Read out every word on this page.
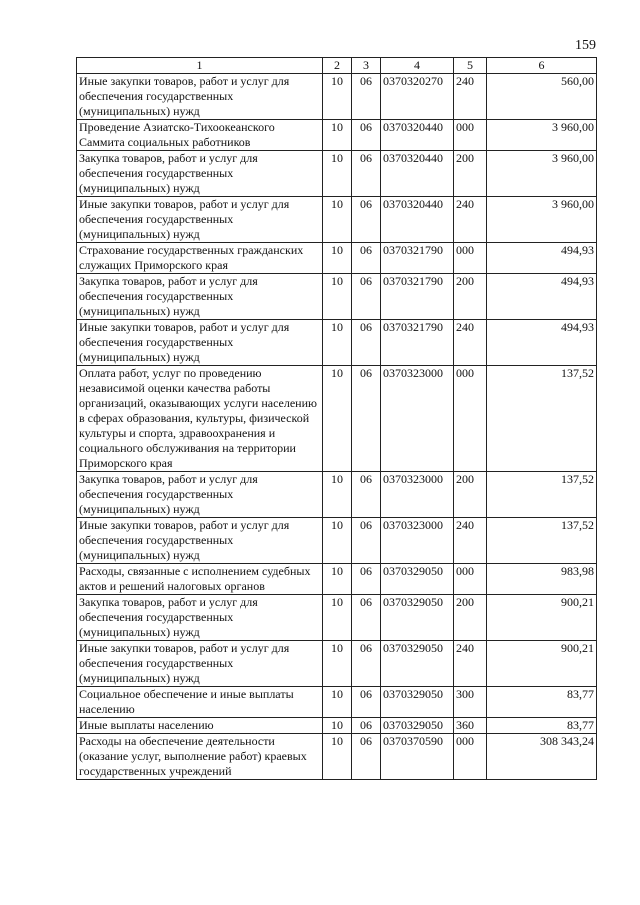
159
1	2	3	4	5	6
Иные закупки товаров, работ и услуг для обеспечения государственных (муниципальных) нужд	10	06	0370320270	240	560,00
Проведение Азиатско-Тихоокеанского Саммита социальных работников	10	06	0370320440	000	3 960,00
Закупка товаров, работ и услуг для обеспечения государственных (муниципальных) нужд	10	06	0370320440	200	3 960,00
Иные закупки товаров, работ и услуг для обеспечения государственных (муниципальных) нужд	10	06	0370320440	240	3 960,00
Страхование государственных гражданских служащих Приморского края	10	06	0370321790	000	494,93
Закупка товаров, работ и услуг для обеспечения государственных (муниципальных) нужд	10	06	0370321790	200	494,93
Иные закупки товаров, работ и услуг для обеспечения государственных (муниципальных) нужд	10	06	0370321790	240	494,93
Оплата работ, услуг по проведению независимой оценки качества работы организаций, оказывающих услуги населению в сферах образования, культуры, физической культуры и спорта, здравоохранения и социального обслуживания на территории Приморского края	10	06	0370323000	000	137,52
Закупка товаров, работ и услуг для обеспечения государственных (муниципальных) нужд	10	06	0370323000	200	137,52
Иные закупки товаров, работ и услуг для обеспечения государственных (муниципальных) нужд	10	06	0370323000	240	137,52
Расходы, связанные с исполнением судебных актов и решений налоговых органов	10	06	0370329050	000	983,98
Закупка товаров, работ и услуг для обеспечения государственных (муниципальных) нужд	10	06	0370329050	200	900,21
Иные закупки товаров, работ и услуг для обеспечения государственных (муниципальных) нужд	10	06	0370329050	240	900,21
Социальное обеспечение и иные выплаты населению	10	06	0370329050	300	83,77
Иные выплаты населению	10	06	0370329050	360	83,77
Расходы на обеспечение деятельности (оказание услуг, выполнение работ) краевых государственных учреждений	10	06	0370370590	000	308 343,24
